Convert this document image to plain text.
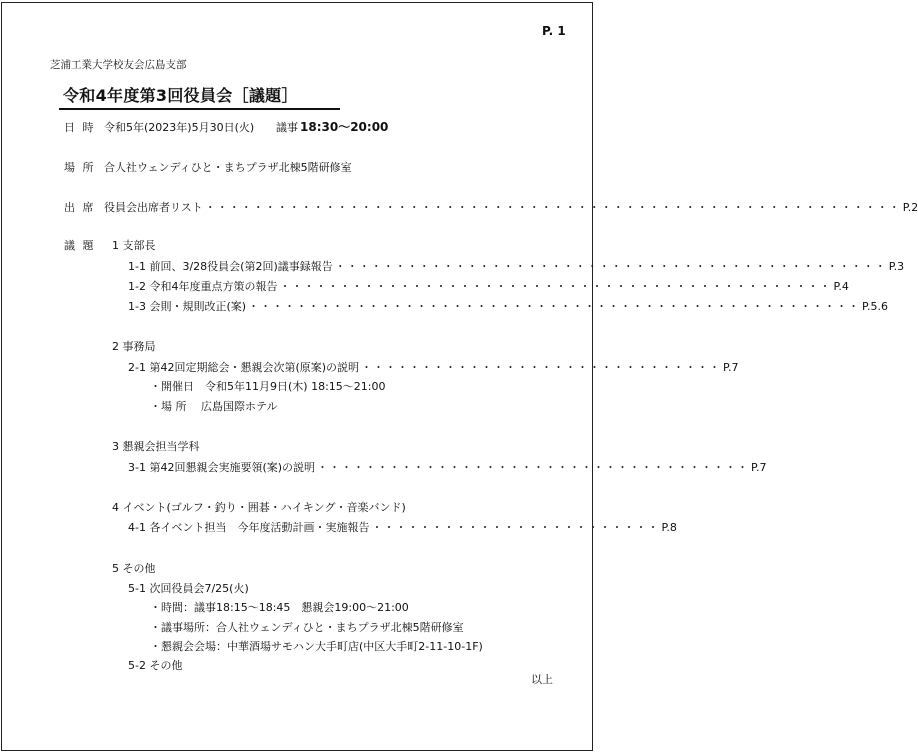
P. 1
芝浦工業大学校友会広島支部
令和4年度第3回役員会［議題］
日 時 令和5年(2023年)5月30日(火) 議事 18:30～20:00
場 所 合人社ウェンディひと・まちプラザ北棟5階研修室
出 席 役員会出席者リスト ・・・・・・・・・・・・・・・・・・・・・・・・・・・・・・・・・・・・・・・・・・・・・・・・・・・・・・・・・・ P.2
議 題 1 支部長
1-1 前回、3/28役員会(第2回)議事録報告 ・・・・・・・・・・・・・・・・・・・・・・・・・・・・・・・・・・・・・・・・・・・・・・ P.3
1-2 令和4年度重点方策の報告 ・・・・・・・・・・・・・・・・・・・・・・・・・・・・・・・・・・・・・・・・・・・・・・ P.4
1-3 会則・規則改正(案) ・・・・・・・・・・・・・・・・・・・・・・・・・・・・・・・・・・・・・・・・・・・・・・・・・・・ P.5.6
2 事務局
2-1 第42回定期総会・懇親会次第(原案)の説明 ・・・・・・・・・・・・・・・・・・・・・・・・・・・・・・ P.7
・開催日　令和5年11月9日(木) 18:15～21:00
・場 所　 広島国際ホテル
3 懇親会担当学科
3-1 第42回懇親会実施要領(案)の説明 ・・・・・・・・・・・・・・・・・・・・・・・・・・・・・・・・・・・・ P.7
4 イベント(ゴルフ・釣り・囲碁・ハイキング・音楽バンド)
4-1 各イベント担当　今年度活動計画・実施報告 ・・・・・・・・・・・・・・・・・・・・・・・・ P.8
5 その他
5-1 次回役員会7/25(火)
・時間：議事18:15～18:45　懇親会19:00～21:00
・議事場所：合人社ウェンディひと・まちプラザ北棟5階研修室
・懇親会会場：中華酒場サモハン大手町店(中区大手町2-11-10-1F)
5-2 その他
以上
